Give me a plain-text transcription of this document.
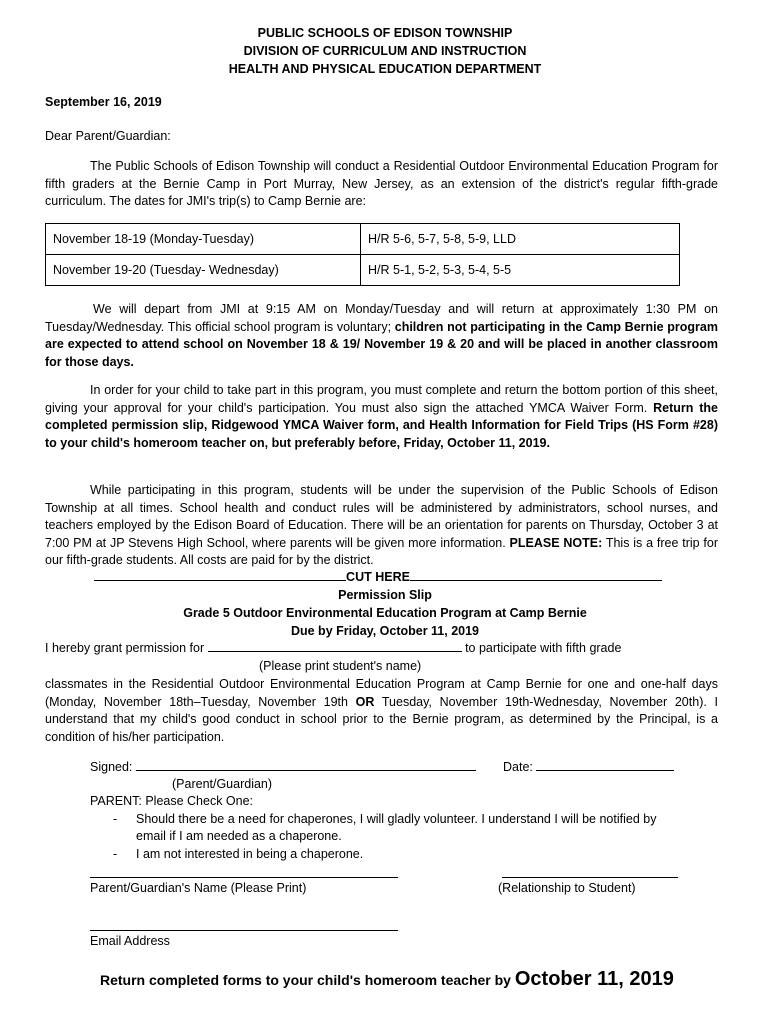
PUBLIC SCHOOLS OF EDISON TOWNSHIP
DIVISION OF CURRICULUM AND INSTRUCTION
HEALTH AND PHYSICAL EDUCATION DEPARTMENT
September 16, 2019
Dear Parent/Guardian:
The Public Schools of Edison Township will conduct a Residential Outdoor Environmental Education Program for fifth graders at the Bernie Camp in Port Murray, New Jersey, as an extension of the district's regular fifth-grade curriculum. The dates for JMI's trip(s) to Camp Bernie are:
November 18-19 (Monday-Tuesday)	H/R 5-6, 5-7, 5-8, 5-9, LLD
November 19-20 (Tuesday- Wednesday)	H/R 5-1, 5-2, 5-3, 5-4, 5-5
We will depart from JMI at 9:15 AM on Monday/Tuesday and will return at approximately 1:30 PM on Tuesday/Wednesday. This official school program is voluntary; children not participating in the Camp Bernie program are expected to attend school on November 18 & 19/ November 19 & 20 and will be placed in another classroom for those days.
In order for your child to take part in this program, you must complete and return the bottom portion of this sheet, giving your approval for your child's participation. You must also sign the attached YMCA Waiver Form. Return the completed permission slip, Ridgewood YMCA Waiver form, and Health Information for Field Trips (HS Form #28) to your child's homeroom teacher on, but preferably before, Friday, October 11, 2019.
While participating in this program, students will be under the supervision of the Public Schools of Edison Township at all times. School health and conduct rules will be administered by administrators, school nurses, and teachers employed by the Edison Board of Education. There will be an orientation for parents on Thursday, October 3 at 7:00 PM at JP Stevens High School, where parents will be given more information. PLEASE NOTE: This is a free trip for our fifth-grade students. All costs are paid for by the district.
CUT HERE
Permission Slip
Grade 5 Outdoor Environmental Education Program at Camp Bernie
Due by Friday, October 11, 2019
I hereby grant permission for	to participate with fifth grade
(Please print student's name)
classmates in the Residential Outdoor Environmental Education Program at Camp Bernie for one and one-half days (Monday, November 18th–Tuesday, November 19th OR Tuesday, November 19th-Wednesday, November 20th). I understand that my child's good conduct in school prior to the Bernie program, as determined by the Principal, is a condition of his/her participation.
Signed:	Date:
(Parent/Guardian)
PARENT: Please Check One:
- Should there be a need for chaperones, I will gladly volunteer. I understand I will be notified by
email if I am needed as a chaperone.
- I am not interested in being a chaperone.
Parent/Guardian's Name (Please Print)	(Relationship to Student)
Email Address
Return completed forms to your child's homeroom teacher by October 11, 2019
